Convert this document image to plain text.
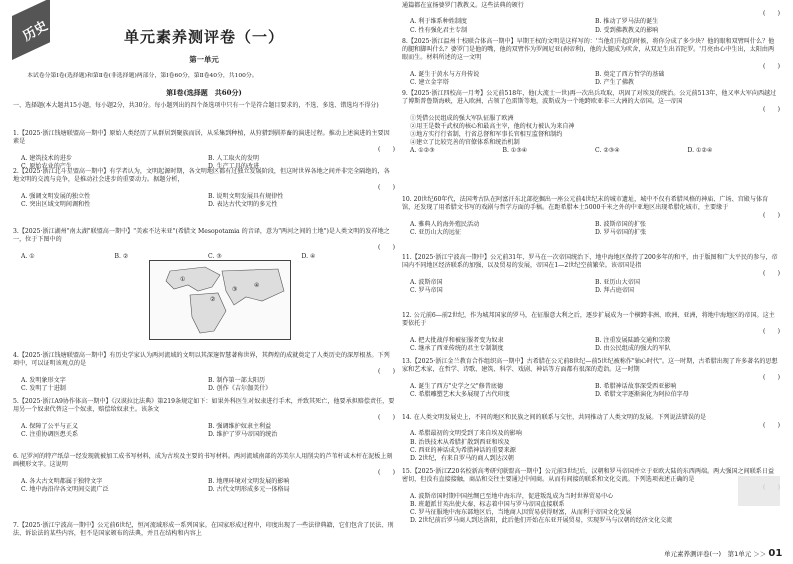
历史	单元素养测评卷（一）
第一单元
本试卷分第Ⅰ卷(选择题)和第Ⅱ卷(非选择题)两部分，第Ⅰ卷60分，第Ⅱ卷40分，共100分。
第Ⅰ卷(选择题　共60分)
一、选择题(本大题共15小题，每小题2分，共30分。每小题列出的四个备选项中只有一个是符合题目要求的，不选、多选、错选均不得分)
1.【2025·浙江钱塘联盟高一期中】原始人类经历了从群居到聚族而居，从采集到种植，从狩猎到驯养畜的演进过程。推动上述演进的主要因素是
(　　)
A. 建筑技术的进步	B. 人工取火的发明
C. 原始农业的产生	D. 生产工具的改进
2.【2025·浙江北斗星盟高一期中】有学者认为，文明起源时期，各文明地区都有过独立发展阶段，但这时世界各地之间并非完全隔绝的，各地文明的交流与竞争，是推动社会进步的重要动力。据题分析，
(　　)
A. 强调文明发展的独立性	B. 说明文明发展具有规律性
C. 突出区域文明间调和性	D. 表达古代文明的多元性
3.【2025·浙江湖州"南太湖"联盟高一期中】"美索不达米亚"(希腊文 Mesopotamia 的音译，意为"两河之间的土地")是人类文明的发祥地之一，位于下图中的
(　　)
A. ①	B. ②	C. ③	D. ④
4.【2025·浙江钱塘联盟高一期中】有历史学家认为两河流域的文明以其深邃智慧著称世界，其辉煌的成就奠定了人类历史的深厚根基。下列项中，可以证明该观点的是
(　　)
A. 发明象形文字	B. 制作第一部太阳历
C. 发明了十进制	D. 创作《吉尔伽美什》
5.【2025·浙江A9协作体高一期中】《汉谟拉比法典》第219条规定如下：如果外科医生对奴隶进行手术，并致其死亡，他要承担赔偿责任，要用另一个奴隶代替这一个奴隶，赔偿给奴隶主。该条文
(　　)
A. 保障了公平与正义	B. 强调维护奴隶主利益
C. 注重协调医患关系	D. 维护了罗马帝国的统治
6. 尼罗河的特产纸草一经发现就被加工成书写材料，成为古埃及主要的书写材料。两河流域南部的苏美尔人用削尖的芦苇杆或木杆在泥板上刻画楔形文字。这说明
(　　)
A. 各大古文明都属于独特文字	B. 地理环境对文明发展的影响
C. 地中海沿岸各文明间交流广泛	D. 古代文明形成多元一体格局
7.【2025·浙江宁波高一期中】公元前6世纪，恒河流域形成一系列国家。在国家形成过程中，印度出现了一些法律典籍，它们包含了民法、刑法、诉讼法的某些内容，但不是国家颁布的法典，并且在结构和内容上
①
②
③
④
通篇都在宣扬婆罗门教教义。这些法典的颁行
(　　)
A. 利于维系种姓制度	B. 推动了罗马法的诞生
C. 性有强化君主专制	D. 受到佛教教义的影响
8.【2025·浙江温州十校联合体高一期中】早期王权的文明是这样写的：'当他们升起的时候，将你分成了多少块？他的眼和双臂叫什么？他的腿和脚叫什么？婆罗门是他的嘴，他的双臂作为罗阇尼亚(刹帝利)，他的大腿成为吠舍，从双足生出首陀罗。'月亮由心中生出，太阳由两眼而生。材料所述的这一文明
(　　)
A. 诞生于黄水与方舟传说	B. 奠定了西方哲学的基础
C. 建立金字塔	D. 产生了佛教
9.【2025·浙江四校高一月考】公元前518年，他(大流士一世)再一次出兵攻取，巩固了对埃及的统治。公元前513年，他又率大军向西越过了博斯普鲁斯海峡，进入欧洲，占领了色雷斯等地，波斯成为一个地跨欧亚非三大洲的大帝国。这一帝国
(　　)
①凭借公民组成的强大军队征服了欧洲
②用王是数千武权的核心和最高主宰，他的权力被认为来自神
③地方实行行省制，行省总督和军事长官相互监督和制约
④建立了比较完善的官僚体系和统治机制
A. ①②③	B. ①③④	C. ②③④	D. ①②④
10. 20世纪60年代，法国考古队在阿富汗东北部挖掘出一座公元前4世纪末的城市遗址，城中不仅有希腊风格的神庙、广场、宫殿与体育馆，还发现了用希腊文书写的戏剧与哲学方面的手稿。在距希腊本土5000千米之外的中亚地区出现希腊化城市，主要缘于
(　　)
A. 雅典人的海外殖民活动	B. 波斯帝国的扩张
C. 亚历山大的远征	D. 罗马帝国的扩张
11.【2025·浙江宁波高一期中】公元前31年，罗马在一次帝国统治下，地中海地区保持了200多年的和平，由于版图和广大平民的参与，帝国内不同地区经济联系的加强，以及贸易的发展，帝国在1—2世纪空前繁荣。该帝国是指
(　　)
A. 波斯帝国	B. 亚历山大帝国
C. 罗马帝国	D. 拜占庭帝国
12. 公元前6—前2世纪，作为城邦国家的罗马，在征服意大利之后，逐步扩展成为一个横跨非洲、欧洲、亚洲，将地中海地区的帝国。这主要依托于
(　　)
A. 把大批战俘和被征服者变为奴隶	B. 注重发展陆路交通和宗教
C. 继承了西亚传统的君主专制制度	D. 由公民组成的强大的军队
13.【2025·浙江金兰教育合作组织高一期中】古希腊在公元前8世纪—前5世纪被称作"轴心时代"。这一时期，古希腊出现了许多著名的思想家和艺术家，在哲学、诗歌、建筑、科学、戏剧、神话等方面都有很深的造诣。这一时期
(　　)
A. 诞生了西方"史学之父"修昔底德	B. 希腊神话故事深受西亚影响
C. 希腊雕塑艺术大多展现了古代印度	D. 希腊文字逐渐演化为阿拉伯字母
14. 在人类文明发展史上，不同的地区和民族之间的联系与交往，共同推动了人类文明的发展。下列说法错误的是
(　　)
A. 希腊最初的文明受到了来自埃及的影响
B. 治铁技术从希腊扩散到西亚和埃及
C. 西亚的神话成为希腊神话的重要来源
D. 2世纪，有来自罗马的商人到达汉朝
15.【2025·浙江Z20名校新高考研究联盟高一期中】公元前3世纪后，汉朝和罗马帝国并立于亚欧大陆的东西两端。两大强国之间联系日益密切，但没有直接接触，商品和交往主要通过中间商。从而有间接的联系和文化交流。下列选项表述正确的是
A. 波斯帝国时期中国丝绸已至地中海东岸，促进叛乱成为当时世界贸易中心
B. 班超派甘英出使大秦，标志着中国与罗马帝国直接联系
C. 罗马征服地中海东部地区后，当地商人因贸易获得财富，从而利于帝国文化发展
D. 2世纪前后罗马商人到达洛阳，此后他们开始在东亚开展贸易，实现罗马与汉朝的经济文化交流
单元素养测评卷(一)　第1单元 ＞＞ 01
